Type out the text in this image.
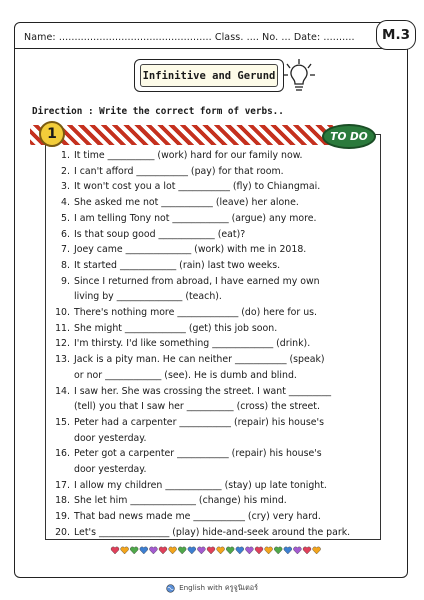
Name: ................................................. Class. .... No. ... Date: ..........	M.3
Infinitive and Gerund
Direction : Write the correct form of verbs..
1	TO DO
1. It time __________ (work) hard for our family now.
2. I can't afford ___________ (pay) for that room.
3. It won't cost you a lot ___________ (fly) to Chiangmai.
4. She asked me not ___________ (leave) her alone.
5. I am telling Tony not ____________ (argue) any more.
6. Is that soup good ____________ (eat)?
7. Joey came ______________ (work) with me in 2018.
8. It started ____________ (rain) last two weeks.
9. Since I returned from abroad, I have earned my own
living by ______________ (teach).
10. There's nothing more _____________ (do) here for us.
11. She might _____________ (get) this job soon.
12. I'm thirsty. I'd like something _____________ (drink).
13. Jack is a pity man. He can neither ___________ (speak)
or nor ____________ (see). He is dumb and blind.
14. I saw her. She was crossing the street. I want _________
(tell) you that I saw her __________ (cross) the street.
15. Peter had a carpenter ___________ (repair) his house's
door yesterday.
16. Peter got a carpenter ___________ (repair) his house's
door yesterday.
17. I allow my children ____________ (stay) up late tonight.
18. She let him ______________ (change) his mind.
19. That bad news made me ___________ (cry) very hard.
20. Let's _______________ (play) hide-and-seek around the park.
English with ครูจูนิเตอร์
